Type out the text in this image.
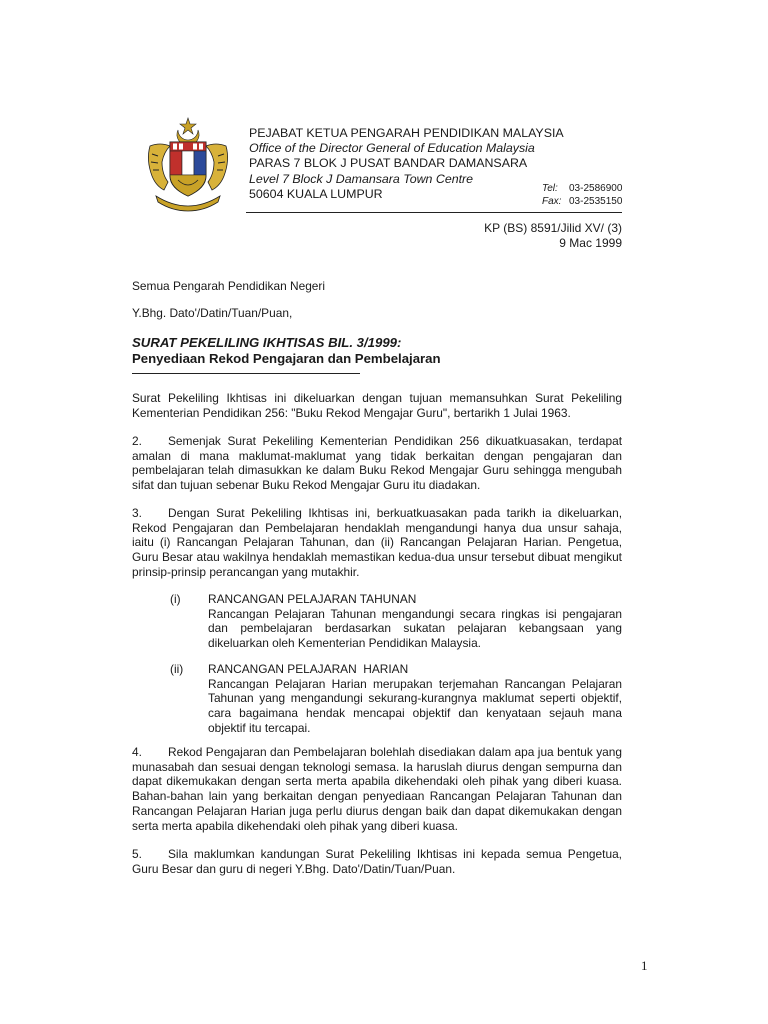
PEJABAT KETUA PENGARAH PENDIDIKAN MALAYSIA
Office of the Director General of Education Malaysia
PARAS 7 BLOK J PUSAT BANDAR DAMANSARA
Level 7 Block J Damansara Town Centre
50604 KUALA LUMPUR	Tel: 03-2586900
Fax: 03-2535150
KP (BS) 8591/Jilid XV/ (3)
9 Mac 1999
Semua Pengarah Pendidikan Negeri
Y.Bhg. Dato'/Datin/Tuan/Puan,
SURAT PEKELILING IKHTISAS BIL. 3/1999:
Penyediaan Rekod Pengajaran dan Pembelajaran
Surat Pekeliling Ikhtisas ini dikeluarkan dengan tujuan memansuhkan Surat Pekeliling Kementerian Pendidikan 256: "Buku Rekod Mengajar Guru", bertarikh 1 Julai 1963.
2. Semenjak Surat Pekeliling Kementerian Pendidikan 256 dikuatkuasakan, terdapat amalan di mana maklumat-maklumat yang tidak berkaitan dengan pengajaran dan pembelajaran telah dimasukkan ke dalam Buku Rekod Mengajar Guru sehingga mengubah sifat dan tujuan sebenar Buku Rekod Mengajar Guru itu diadakan.
3. Dengan Surat Pekeliling Ikhtisas ini, berkuatkuasakan pada tarikh ia dikeluarkan, Rekod Pengajaran dan Pembelajaran hendaklah mengandungi hanya dua unsur sahaja, iaitu (i) Rancangan Pelajaran Tahunan, dan (ii) Rancangan Pelajaran Harian. Pengetua, Guru Besar atau wakilnya hendaklah memastikan kedua-dua unsur tersebut dibuat mengikut prinsip-prinsip perancangan yang mutakhir.
(i) RANCANGAN PELAJARAN TAHUNAN
Rancangan Pelajaran Tahunan mengandungi secara ringkas isi pengajaran dan pembelajaran berdasarkan sukatan pelajaran kebangsaan yang dikeluarkan oleh Kementerian Pendidikan Malaysia.
(ii) RANCANGAN PELAJARAN  HARIAN
Rancangan Pelajaran Harian merupakan terjemahan Rancangan Pelajaran Tahunan yang mengandungi sekurang-kurangnya maklumat seperti objektif, cara bagaimana hendak mencapai objektif dan kenyataan sejauh mana objektif itu tercapai.
4. Rekod Pengajaran dan Pembelajaran bolehlah disediakan dalam apa jua bentuk yang munasabah dan sesuai dengan teknologi semasa. Ia haruslah diurus dengan sempurna dan dapat dikemukakan dengan serta merta apabila dikehendaki oleh pihak yang diberi kuasa. Bahan-bahan lain yang berkaitan dengan penyediaan Rancangan Pelajaran Tahunan dan Rancangan Pelajaran Harian juga perlu diurus dengan baik dan dapat dikemukakan dengan serta merta apabila dikehendaki oleh pihak yang diberi kuasa.
5. Sila maklumkan kandungan Surat Pekeliling Ikhtisas ini kepada semua Pengetua, Guru Besar dan guru di negeri Y.Bhg. Dato'/Datin/Tuan/Puan.
1
